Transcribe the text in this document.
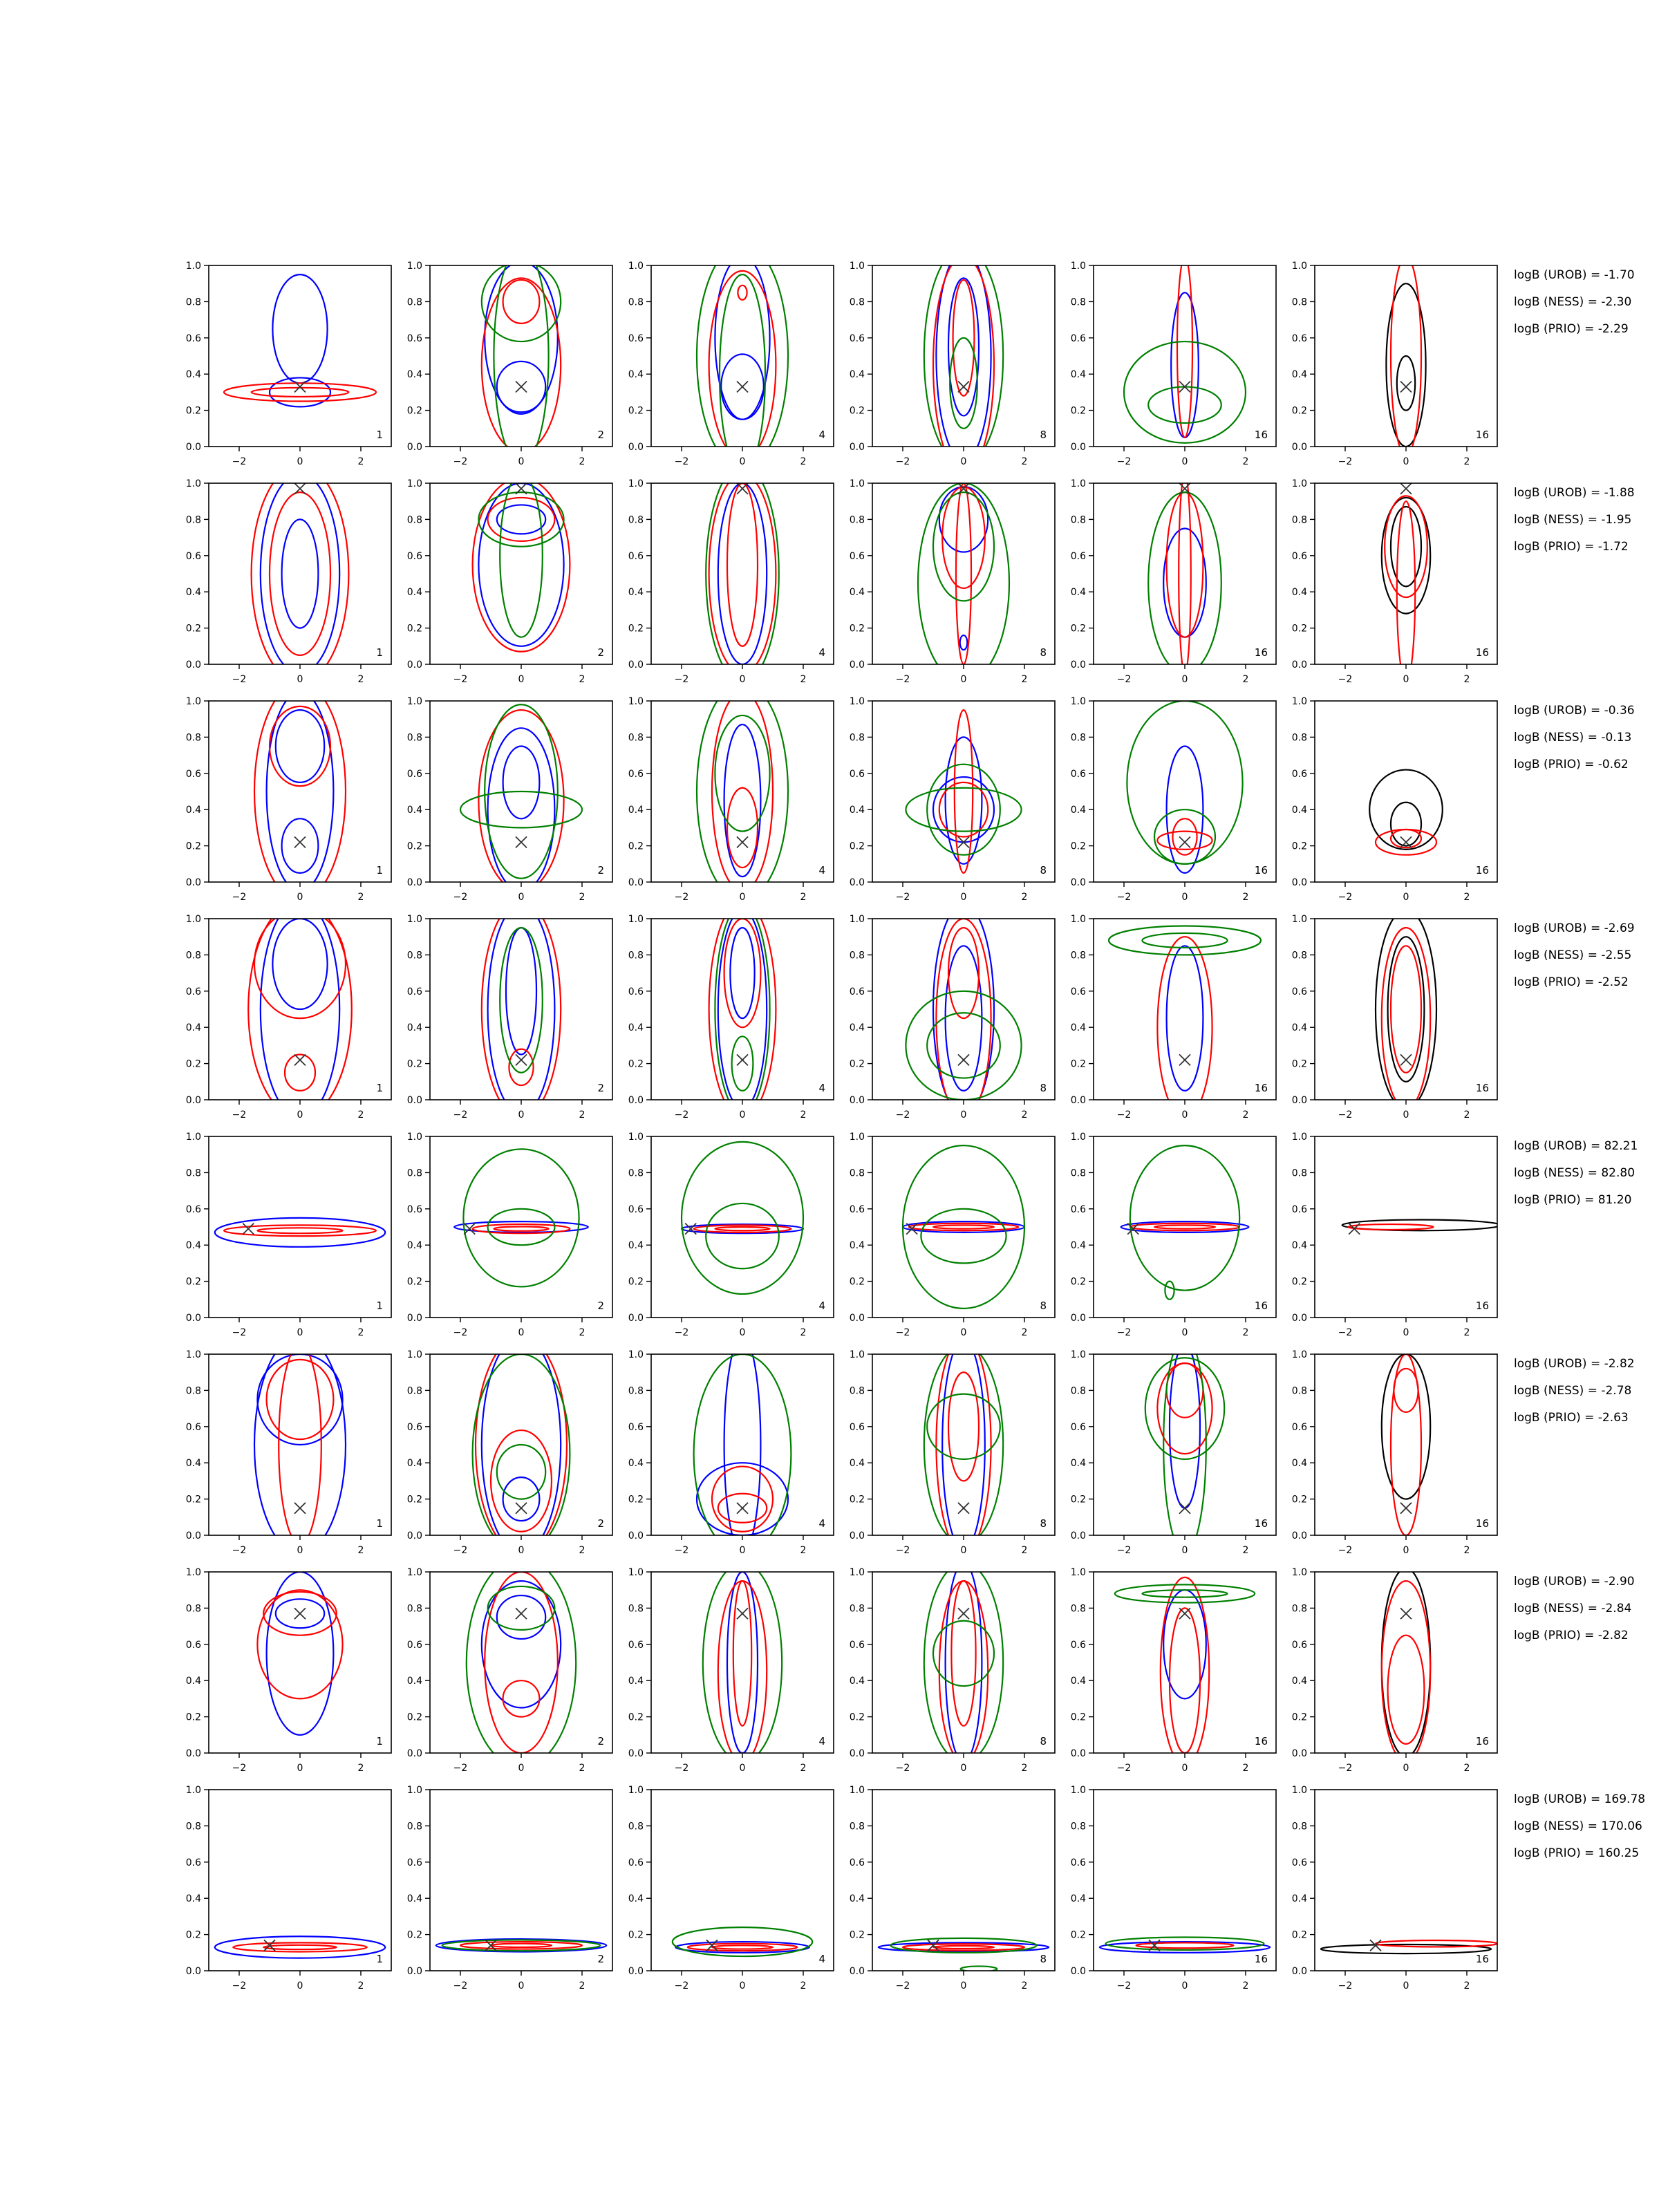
−2	0	2
0.0
0.2
0.4
0.6
0.8
1.0
1
−2	0	2
0.0
0.2
0.4
0.6
0.8
1.0
2
−2	0	2
0.0
0.2
0.4
0.6
0.8
1.0
4
−2	0	2
0.0
0.2
0.4
0.6
0.8
1.0
8
−2	0	2
0.0
0.2
0.4
0.6
0.8
1.0
16
−2	0	2
0.0
0.2
0.4
0.6
0.8
1.0
16
logB (UROB) = -1.70
logB (NESS) = -2.30
logB (PRIO) = -2.29
−2	0	2
0.0
0.2
0.4
0.6
0.8
1.0
1
−2	0	2
0.0
0.2
0.4
0.6
0.8
1.0
2
−2	0	2
0.0
0.2
0.4
0.6
0.8
1.0
4
−2	0	2
0.0
0.2
0.4
0.6
0.8
1.0
8
−2	0	2
0.0
0.2
0.4
0.6
0.8
1.0
16
−2	0	2
0.0
0.2
0.4
0.6
0.8
1.0
16
logB (UROB) = -1.88
logB (NESS) = -1.95
logB (PRIO) = -1.72
−2	0	2
0.0
0.2
0.4
0.6
0.8
1.0
1
−2	0	2
0.0
0.2
0.4
0.6
0.8
1.0
2
−2	0	2
0.0
0.2
0.4
0.6
0.8
1.0
4
−2	0	2
0.0
0.2
0.4
0.6
0.8
1.0
8
−2	0	2
0.0
0.2
0.4
0.6
0.8
1.0
16
−2	0	2
0.0
0.2
0.4
0.6
0.8
1.0
16
logB (UROB) = -0.36
logB (NESS) = -0.13
logB (PRIO) = -0.62
−2	0	2
0.0
0.2
0.4
0.6
0.8
1.0
1
−2	0	2
0.0
0.2
0.4
0.6
0.8
1.0
2
−2	0	2
0.0
0.2
0.4
0.6
0.8
1.0
4
−2	0	2
0.0
0.2
0.4
0.6
0.8
1.0
8
−2	0	2
0.0
0.2
0.4
0.6
0.8
1.0
16
−2	0	2
0.0
0.2
0.4
0.6
0.8
1.0
16
logB (UROB) = -2.69
logB (NESS) = -2.55
logB (PRIO) = -2.52
−2	0	2
0.0
0.2
0.4
0.6
0.8
1.0
1
−2	0	2
0.0
0.2
0.4
0.6
0.8
1.0
2
−2	0	2
0.0
0.2
0.4
0.6
0.8
1.0
4
−2	0	2
0.0
0.2
0.4
0.6
0.8
1.0
8
−2	0	2
0.0
0.2
0.4
0.6
0.8
1.0
16
−2	0	2
0.0
0.2
0.4
0.6
0.8
1.0
16
logB (UROB) = 82.21
logB (NESS) = 82.80
logB (PRIO) = 81.20
−2	0	2
0.0
0.2
0.4
0.6
0.8
1.0
1
−2	0	2
0.0
0.2
0.4
0.6
0.8
1.0
2
−2	0	2
0.0
0.2
0.4
0.6
0.8
1.0
4
−2	0	2
0.0
0.2
0.4
0.6
0.8
1.0
8
−2	0	2
0.0
0.2
0.4
0.6
0.8
1.0
16
−2	0	2
0.0
0.2
0.4
0.6
0.8
1.0
16
logB (UROB) = -2.82
logB (NESS) = -2.78
logB (PRIO) = -2.63
−2	0	2
0.0
0.2
0.4
0.6
0.8
1.0
1
−2	0	2
0.0
0.2
0.4
0.6
0.8
1.0
2
−2	0	2
0.0
0.2
0.4
0.6
0.8
1.0
4
−2	0	2
0.0
0.2
0.4
0.6
0.8
1.0
8
−2	0	2
0.0
0.2
0.4
0.6
0.8
1.0
16
−2	0	2
0.0
0.2
0.4
0.6
0.8
1.0
16
logB (UROB) = -2.90
logB (NESS) = -2.84
logB (PRIO) = -2.82
−2	0	2
0.0
0.2
0.4
0.6
0.8
1.0
1
−2	0	2
0.0
0.2
0.4
0.6
0.8
1.0
2
−2	0	2
0.0
0.2
0.4
0.6
0.8
1.0
4
−2	0	2
0.0
0.2
0.4
0.6
0.8
1.0
8
−2	0	2
0.0
0.2
0.4
0.6
0.8
1.0
16
−2	0	2
0.0
0.2
0.4
0.6
0.8
1.0
16
logB (UROB) = 169.78
logB (NESS) = 170.06
logB (PRIO) = 160.25
